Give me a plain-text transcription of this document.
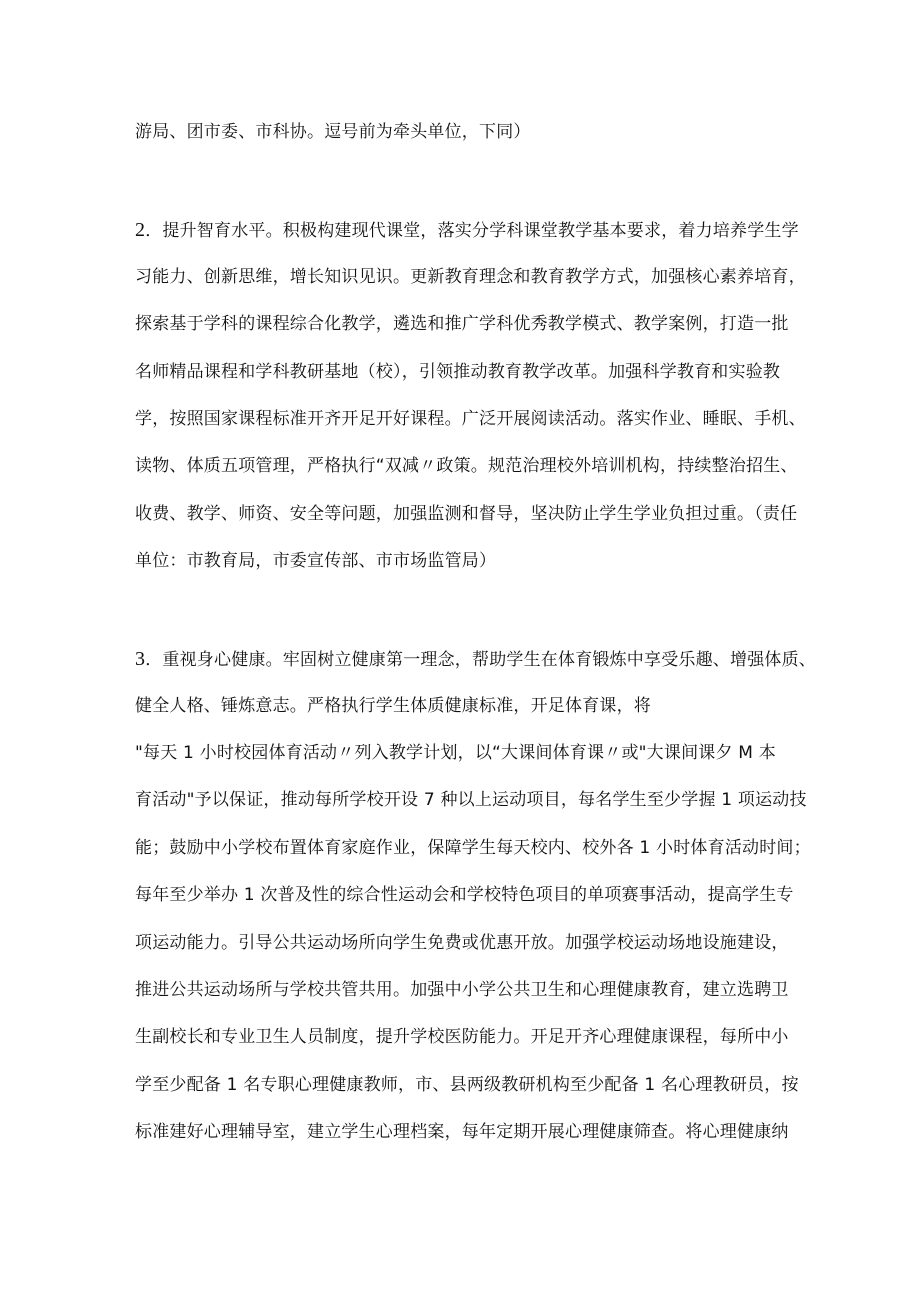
游局、团市委、市科协。逗号前为牵头单位，下同）
2．提升智育水平。积极构建现代课堂，落实分学科课堂教学基本要求，着力培养学生学
习能力、创新思维，增长知识见识。更新教育理念和教育教学方式，加强核心素养培育，
探索基于学科的课程综合化教学，遴选和推广学科优秀教学模式、教学案例，打造一批
名师精品课程和学科教研基地（校），引领推动教育教学改革。加强科学教育和实验教
学，按照国家课程标准开齐开足开好课程。广泛开展阅读活动。落实作业、睡眠、手机、
读物、体质五项管理，严格执行“双减〃政策。规范治理校外培训机构，持续整治招生、
收费、教学、师资、安全等问题，加强监测和督导，坚决防止学生学业负担过重。（责任
单位：市教育局，市委宣传部、市市场监管局）
3．重视身心健康。牢固树立健康第一理念，帮助学生在体育锻炼中享受乐趣、增强体质、
健全人格、锤炼意志。严格执行学生体质健康标准，开足体育课，将
"每天 1 小时校园体育活动〃列入教学计划，以“大课间体育课〃或"大课间课夕 M 本
育活动"予以保证，推动每所学校开设 7 种以上运动项目，每名学生至少学握 1 项运动技
能；鼓励中小学校布置体育家庭作业，保障学生每天校内、校外各 1 小时体育活动时间；
每年至少举办 1 次普及性的综合性运动会和学校特色项目的单项赛事活动，提高学生专
项运动能力。引导公共运动场所向学生免费或优惠开放。加强学校运动场地设施建设，
推进公共运动场所与学校共管共用。加强中小学公共卫生和心理健康教育，建立选聘卫
生副校长和专业卫生人员制度，提升学校医防能力。开足开齐心理健康课程，每所中小
学至少配备 1 名专职心理健康教师，市、县两级教研机构至少配备 1 名心理教研员，按
标准建好心理辅导室，建立学生心理档案，每年定期开展心理健康筛查。将心理健康纳
